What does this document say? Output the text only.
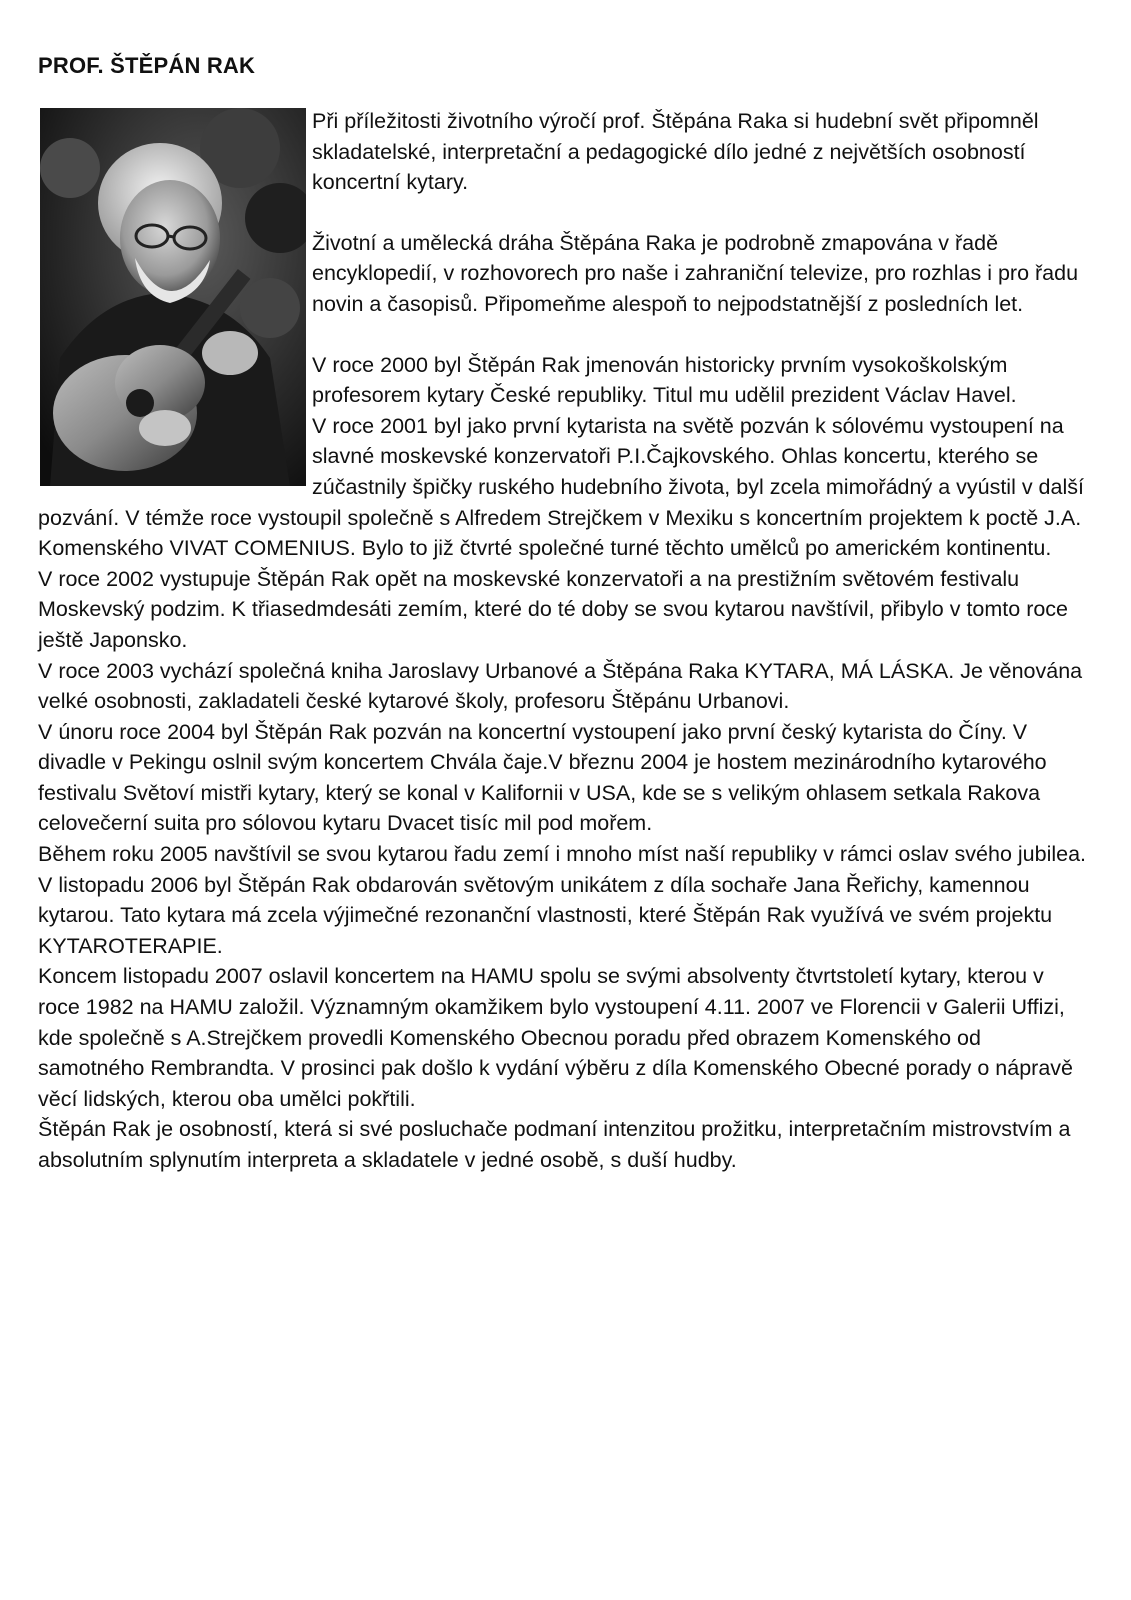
PROF. ŠTĚPÁN RAK

Při příležitosti životního výročí prof. Štěpána Raka si hudební svět připomněl skladatelské, interpretační a pedagogické dílo jedné z největších osobností koncertní kytary.

Životní a umělecká dráha Štěpána Raka je podrobně zmapována v řadě encyklopedií, v rozhovorech pro naše i zahraniční televize, pro rozhlas i pro řadu novin a časopisů. Připomeňme alespoň to nejpodstatnější z posledních let.

V roce 2000 byl Štěpán Rak jmenován historicky prvním vysokoškolským profesorem kytary České republiky. Titul mu udělil prezident Václav Havel.

V roce 2001 byl jako první kytarista na světě pozván k sólovému vystoupení na slavné moskevské konzervatoři P.I.Čajkovského. Ohlas koncertu, kterého se zúčastnily špičky ruského hudebního života, byl zcela mimořádný a vyústil v další pozvání. V témže roce vystoupil společně s Alfredem Strejčkem v Mexiku s koncertním projektem k poctě J.A. Komenského VIVAT COMENIUS. Bylo to již čtvrté společné turné těchto umělců po americkém kontinentu.

V roce 2002 vystupuje Štěpán Rak opět na moskevské konzervatoři a na prestižním světovém festivalu Moskevský podzim. K třiasedmdesáti zemím, které do té doby se svou kytarou navštívil, přibylo v tomto roce ještě Japonsko.

V roce 2003 vychází společná kniha Jaroslavy Urbanové a Štěpána Raka KYTARA, MÁ LÁSKA. Je věnována velké osobnosti, zakladateli české kytarové školy, profesoru Štěpánu Urbanovi.

V únoru roce 2004 byl Štěpán Rak pozván na koncertní vystoupení jako první český kytarista do Číny. V divadle v Pekingu oslnil svým koncertem Chvála čaje.V březnu 2004 je hostem mezinárodního kytarového festivalu Světoví mistři kytary, který se konal v Kalifornii v USA, kde se s velikým ohlasem setkala Rakova celovečerní suita pro sólovou kytaru Dvacet tisíc mil pod mořem.

Během roku 2005 navštívil se svou kytarou řadu zemí i mnoho míst naší republiky v rámci oslav svého jubilea.

V listopadu 2006 byl Štěpán Rak obdarován světovým unikátem z díla sochaře Jana Řeřichy, kamennou kytarou. Tato kytara má zcela výjimečné rezonanční vlastnosti, které Štěpán Rak využívá ve svém projektu KYTAROTERAPIE.

Koncem listopadu 2007 oslavil koncertem na HAMU spolu se svými absolventy čtvrtstoletí kytary, kterou v roce 1982 na HAMU založil. Významným okamžikem bylo vystoupení 4.11. 2007 ve Florencii v Galerii Uffizi, kde společně s A.Strejčkem provedli Komenského Obecnou poradu před obrazem Komenského od samotného Rembrandta. V prosinci pak došlo k vydání výběru z díla Komenského Obecné porady o nápravě věcí lidských, kterou oba umělci pokřtili.

Štěpán Rak je osobností, která si své posluchače podmaní intenzitou prožitku, interpretačním mistrovstvím a absolutním splynutím interpreta a skladatele v jedné osobě, s duší hudby.
